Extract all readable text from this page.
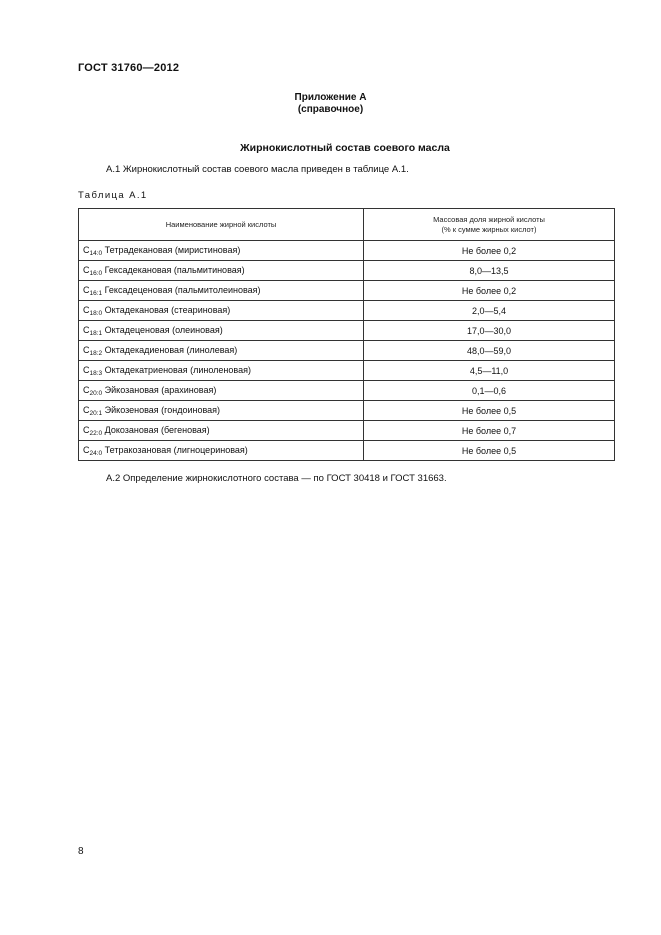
ГОСТ 31760—2012
Приложение А
(справочное)
Жирнокислотный состав соевого масла
А.1 Жирнокислотный состав соевого масла приведен в таблице А.1.
Таблица А.1
Наименование жирной кислоты	Массовая доля жирной кислоты
(% к сумме жирных кислот)
$C_{14:0}$ Тетрадекановая (миристиновая)	Не более 0,2
$C_{16:0}$ Гексадекановая (пальмитиновая)	8,0—13,5
$C_{16:1}$ Гексадеценовая (пальмитолеиновая)	Не более 0,2
$C_{18:0}$ Октадекановая (стеариновая)	2,0—5,4
$C_{18:1}$ Октадеценовая (олеиновая)	17,0—30,0
$C_{18:2}$ Октадекадиеновая (линолевая)	48,0—59,0
$C_{18:3}$ Октадекатриеновая (линоленовая)	4,5—11,0
$C_{20:0}$ Эйкозановая (арахиновая)	0,1—0,6
$C_{20:1}$ Эйкозеновая (гондоиновая)	Не более 0,5
$C_{22:0}$ Докозановая (бегеновая)	Не более 0,7
$C_{24:0}$ Тетракозановая (лигноцериновая)	Не более 0,5
А.2 Определение жирнокислотного состава — по ГОСТ 30418 и ГОСТ 31663.
8
